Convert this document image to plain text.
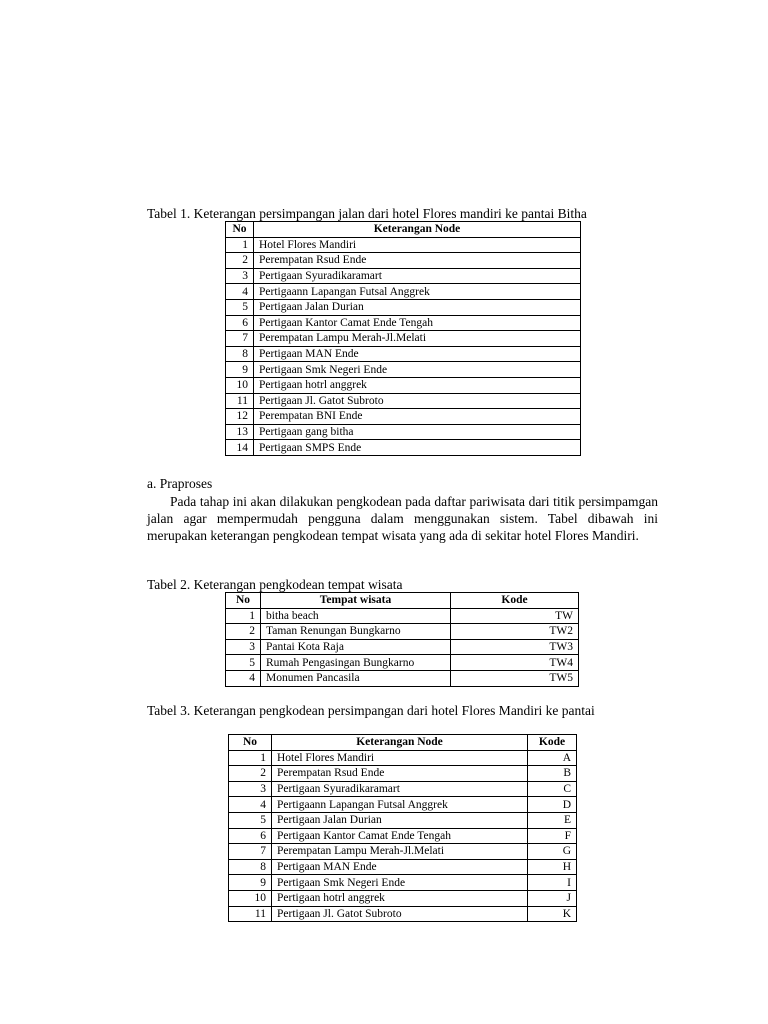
Tabel 1. Keterangan persimpangan jalan dari hotel Flores mandiri ke pantai Bitha
No	Keterangan Node
1	Hotel Flores Mandiri
2	Perempatan Rsud Ende
3	Pertigaan Syuradikaramart
4	Pertigaann Lapangan Futsal Anggrek
5	Pertigaan Jalan Durian
6	Pertigaan Kantor Camat Ende Tengah
7	Perempatan Lampu Merah-Jl.Melati
8	Pertigaan MAN Ende
9	Pertigaan Smk Negeri Ende
10	Pertigaan hotrl anggrek
11	Pertigaan Jl. Gatot Subroto
12	Perempatan BNI Ende
13	Pertigaan gang bitha
14	Pertigaan SMPS Ende
a. Praproses

Pada tahap ini akan dilakukan pengkodean pada daftar pariwisata dari titik persimpamgan jalan agar mempermudah pengguna dalam menggunakan sistem. Tabel dibawah ini merupakan keterangan pengkodean tempat wisata yang ada di sekitar hotel Flores Mandiri.

Tabel 2. Keterangan pengkodean tempat wisata
No	Tempat wisata	Kode
1	bitha beach	TW
2	Taman Renungan Bungkarno	TW2
3	Pantai Kota Raja	TW3
5	Rumah Pengasingan Bungkarno	TW4
4	Monumen Pancasila	TW5
Tabel 3. Keterangan pengkodean persimpangan dari hotel Flores Mandiri ke pantai
No	Keterangan Node	Kode
1	Hotel Flores Mandiri	A
2	Perempatan Rsud Ende	B
3	Pertigaan Syuradikaramart	C
4	Pertigaann Lapangan Futsal Anggrek	D
5	Pertigaan Jalan Durian	E
6	Pertigaan Kantor Camat Ende Tengah	F
7	Perempatan Lampu Merah-Jl.Melati	G
8	Pertigaan MAN Ende	H
9	Pertigaan Smk Negeri Ende	I
10	Pertigaan hotrl anggrek	J
11	Pertigaan Jl. Gatot Subroto	K
